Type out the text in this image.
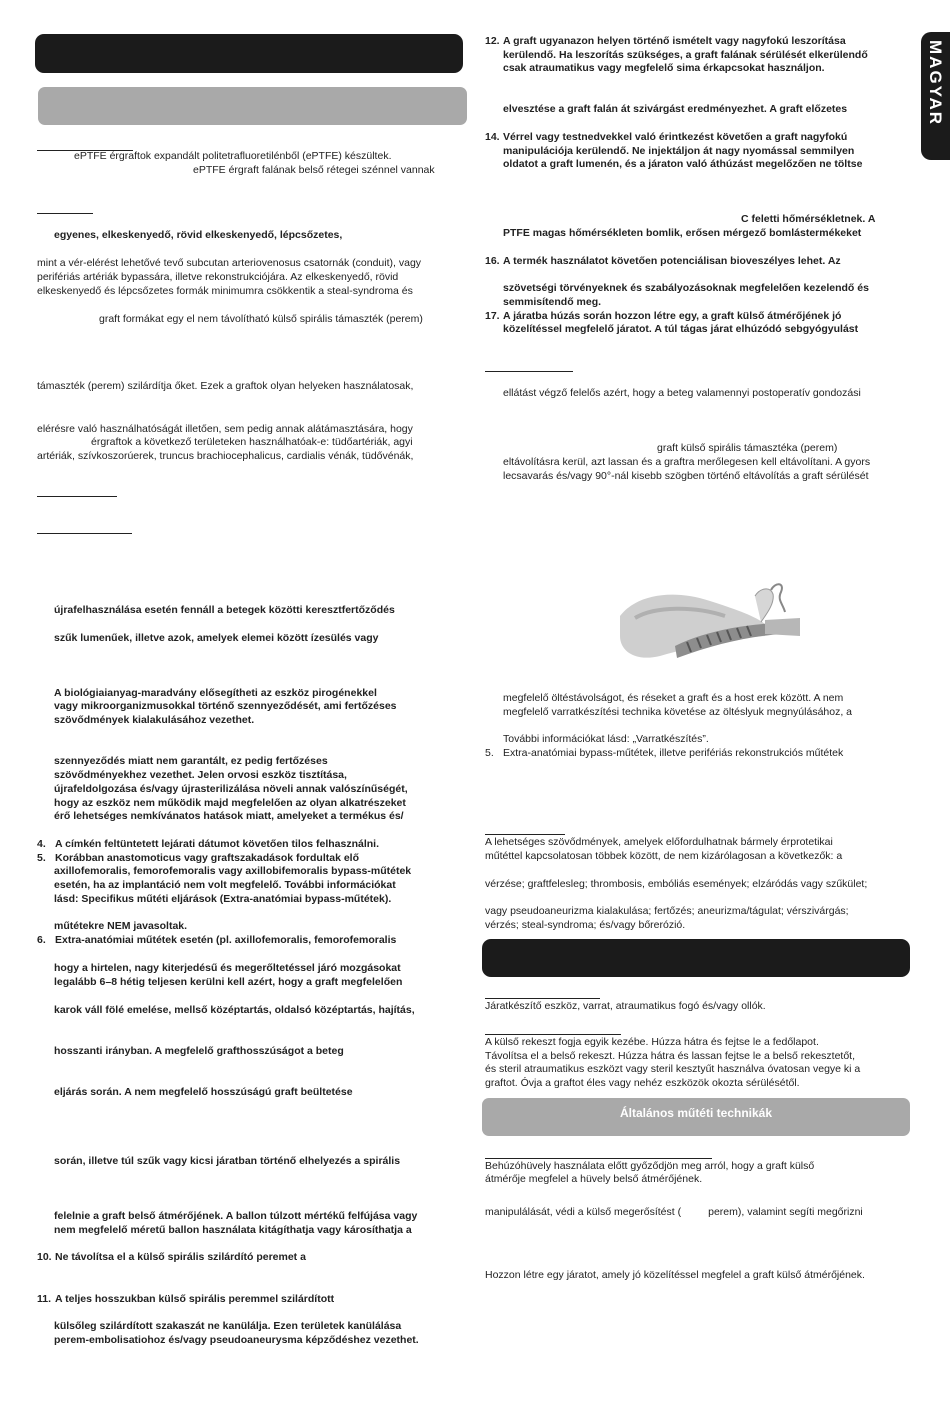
MAGYAR
ePTFE érgraftok expandált politetrafluoretilénből (ePTFE) készültek.
ePTFE érgraft falának belső rétegei szénnel vannak
egyenes, elkeskenyedő, rövid elkeskenyedő, lépcsőzetes,
mint a vér-elérést lehetővé tevő subcutan arteriovenosus csatornák (conduit), vagy
perifériás artériák bypassára, illetve rekonstrukciójára. Az elkeskenyedő, rövid
elkeskenyedő és lépcsőzetes formák minimumra csökkentik a steal-syndroma és
graft formákat egy el nem távolítható külső spirális támaszték (perem)
támaszték (perem) szilárdítja őket. Ezek a graftok olyan helyeken használatosak,
elérésre való használhatóságát illetően, sem pedig annak alátámasztására, hogy
érgraftok a következő területeken használhatóak-e: tüdőartériák, agyi
artériák, szívkoszorúerek, truncus brachiocephalicus, cardialis vénák, tüdővénák,
újrafelhasználása esetén fennáll a betegek közötti keresztfertőződés
szűk lumenűek, illetve azok, amelyek elemei között ízesülés vagy
A biológiaianyag-maradvány elősegítheti az eszköz pirogénekkel
vagy mikroorganizmusokkal történő szennyeződését, ami fertőzéses
szövődmények kialakulásához vezethet.
szennyeződés miatt nem garantált, ez pedig fertőzéses
szövődményekhez vezethet. Jelen orvosi eszköz tisztítása,
újrafeldolgozása és/vagy újrasterilizálása növeli annak valószínűségét,
hogy az eszköz nem működik majd megfelelően az olyan alkatrészeket
érő lehetséges nemkívánatos hatások miatt, amelyeket a termékus és/
4. A címkén feltüntetett lejárati dátumot követően tilos felhasználni.
5. Korábban anastomoticus vagy graftszakadások fordultak elő
axillofemoralis, femorofemoralis vagy axillobifemoralis bypass-műtétek
esetén, ha az implantáció nem volt megfelelő. További információkat
lásd: Specifikus műtéti eljárások (Extra-anatómiai bypass-műtétek).
műtétekre NEM javasoltak.
6. Extra-anatómiai műtétek esetén (pl. axillofemoralis, femorofemoralis
hogy a hirtelen, nagy kiterjedésű és megerőltetéssel járó mozgásokat
legalább 6–8 hétig teljesen kerülni kell azért, hogy a graft megfelelően
karok váll fölé emelése, mellső középtartás, oldalsó középtartás, hajítás,
hosszanti irányban. A megfelelő grafthosszúságot a beteg
eljárás során. A nem megfelelő hosszúságú graft beültetése
során, illetve túl szűk vagy kicsi járatban történő elhelyezés a spirális
felelnie a graft belső átmérőjének. A ballon túlzott mértékű felfújása vagy
nem megfelelő méretű ballon használata kitágíthatja vagy károsíthatja a
10. Ne távolítsa el a külső spirális szilárdító peremet a
11. A teljes hosszukban külső spirális peremmel szilárdított
külsőleg szilárdított szakaszát ne kanülálja. Ezen területek kanülálása
perem-embolisatiohoz és/vagy pseudoaneurysma képződéshez vezethet.
12. A graft ugyanazon helyen történő ismételt vagy nagyfokú leszorítása
kerülendő. Ha leszorítás szükséges, a graft falának sérülését elkerülendő
csak atraumatikus vagy megfelelő sima érkapcsokat használjon.
elvesztése a graft falán át szivárgást eredményezhet. A graft előzetes
14. Vérrel vagy testnedvekkel való érintkezést követően a graft nagyfokú
manipulációja kerülendő. Ne injektáljon át nagy nyomással semmilyen
oldatot a graft lumenén, és a járaton való áthúzást megelőzően ne töltse
C feletti hőmérsékletnek. A
PTFE magas hőmérsékleten bomlik, erősen mérgező bomlástermékeket
16. A termék használatot követően potenciálisan bioveszélyes lehet. Az
szövetségi törvényeknek és szabályozásoknak megfelelően kezelendő és
semmisítendő meg.
17. A járatba húzás során hozzon létre egy, a graft külső átmérőjének jó
közelítéssel megfelelő járatot. A túl tágas járat elhúzódó sebgyógyulást
ellátást végző felelős azért, hogy a beteg valamennyi postoperatív gondozási
graft külső spirális támasztéka (perem)
eltávolításra kerül, azt lassan és a graftra merőlegesen kell eltávolítani. A gyors
lecsavarás és/vagy 90°-nál kisebb szögben történő eltávolítás a graft sérülését
megfelelő öltéstávolságot, és réseket a graft és a host erek között. A nem
megfelelő varratkészítési technika követése az öltéslyuk megnyúlásához, a
További információkat lásd: „Varratkészítés”.
5. Extra-anatómiai bypass-műtétek, illetve perifériás rekonstrukciós műtétek
A lehetséges szövődmények, amelyek előfordulhatnak bármely érprotetikai
műtéttel kapcsolatosan többek között, de nem kizárólagosan a következők: a
vérzése; graftfelesleg; thrombosis, embóliás események; elzáródás vagy szűkület;
vagy pseudoaneurizma kialakulása; fertőzés; aneurizma/tágulat; vérszivárgás;
vérzés; steal-syndroma; és/vagy bőrerózió.
Járatkészítő eszköz, varrat, atraumatikus fogó és/vagy ollók.
A külső rekeszt fogja egyik kezébe. Húzza hátra és fejtse le a fedőlapot.
Távolítsa el a belső rekeszt. Húzza hátra és lassan fejtse le a belső rekesztetőt,
és steril atraumatikus eszközt vagy steril kesztyűt használva óvatosan vegye ki a
graftot. Óvja a graftot éles vagy nehéz eszközök okozta sérülésétől.
Általános műtéti technikák
Behúzóhüvely használata előtt győződjön meg arról, hogy a graft külső
átmérője megfelel a hüvely belső átmérőjének.
manipulálását, védi a külső megerősítést (	perem), valamint segíti megőrizni
Hozzon létre egy járatot, amely jó közelítéssel megfelel a graft külső átmérőjének.
